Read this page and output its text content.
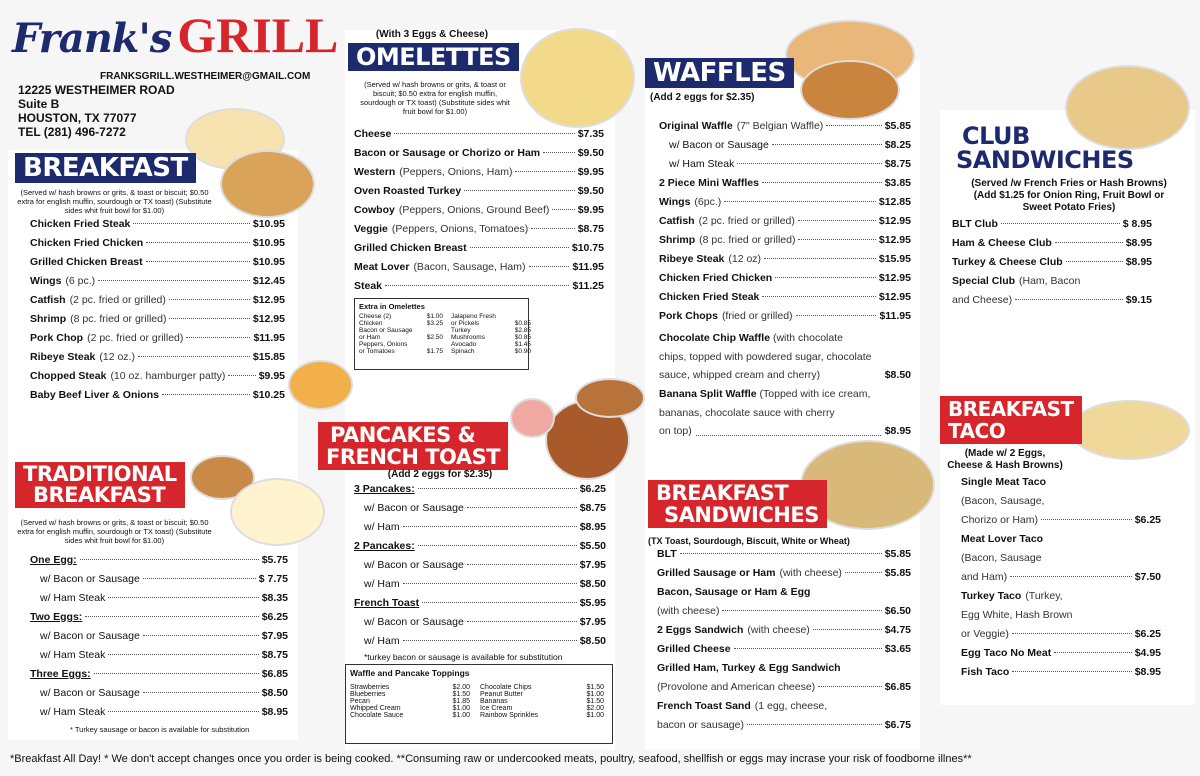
Frank's GRILL
FRANKSGRILL.WESTHEIMER@GMAIL.COM
12225 WESTHEIMER ROAD
Suite B
HOUSTON, TX 77077
TEL (281) 496-7272
BREAKFAST
(Served w/ hash browns or grits, & toast or biscuit; $0.50 extra for english muffin, sourdough or TX toast) (Substitute sides whit fruit bowl for $1.00)
Chicken Fried Steak	$10.95
Chicken Fried Chicken	$10.95
Grilled Chicken Breast	$10.95
Wings (6 pc.)	$12.45
Catfish (2 pc. fried or grilled)	$12.95
Shrimp (8 pc. fried or grilled)	$12.95
Pork Chop (2 pc. fried or grilled)	$11.95
Ribeye Steak (12 oz.)	$15.85
Chopped Steak (10 oz. hamburger patty)	$9.95
Baby Beef Liver & Onions	$10.25
TRADITIONAL
BREAKFAST
(Served w/ hash browns or grits, & toast or biscuit; $0.50 extra for english muffin, sourdough or TX toast) (Substitute sides whit fruit bowl for $1.00)
One Egg:	$5.75
w/ Bacon or Sausage	$ 7.75
w/ Ham Steak	$8.35
Two Eggs:	$6.25
w/ Bacon or Sausage	$7.95
w/ Ham Steak	$8.75
Three Eggs:	$6.85
w/ Bacon or Sausage	$8.50
w/ Ham Steak	$8.95
* Turkey sausage or bacon is available for substitution
(With 3 Eggs & Cheese)
OMELETTES
(Served w/ hash browns or grits, & toast or biscuit; $0.50 extra for english muffin, sourdough or TX toast) (Substitute sides whit fruit bowl for $1.00)
Cheese	$7.35
Bacon or Sausage or Chorizo or Ham	$9.50
Western (Peppers, Onions, Ham)	$9.95
Oven Roasted Turkey	$9.50
Cowboy (Peppers, Onions, Ground Beef)	$9.95
Veggie (Peppers, Onions, Tomatoes)	$8.75
Grilled Chicken Breast	$10.75
Meat Lover (Bacon, Sausage, Ham)	$11.95
Steak	$11.25
Extra in Omelettes
Cheese (2)	$1.00
Chicken	$3.25
Bacon or Sausage
or Ham	$2.50
Peppers, Onions
or Tomatoes	$1.75
Jalapeno Fresh
or Pickels	$0.85
Turkey	$2.85
Mushrooms	$0.85
Avocado	$1.45
Spinach	$0.90
PANCAKES &
FRENCH TOAST
(Add 2 eggs for $2.35)
3 Pancakes:	$6.25
w/ Bacon or Sausage	$8.75
w/ Ham	$8.95
2 Pancakes:	$5.50
w/ Bacon or Sausage	$7.95
w/ Ham	$8.50
French Toast	$5.95
w/ Bacon or Sausage	$7.95
w/ Ham	$8.50
*turkey bacon or sausage is available for substitution
Waffle and Pancake Toppings
Strawberries	$2.00
Blueberries	$1.50
Pecan	$1.85
Whipped Cream	$1.00
Chocolate Sauce	$1.00
Chocolate Chips	$1.50
Peanut Butter	$1.00
Bananas	$1.50
Ice Cream	$2.00
Rainbow Sprinkles	$1.00
WAFFLES
(Add 2 eggs for $2.35)
Original Waffle (7" Belgian Waffle)	$5.85
w/ Bacon or Sausage	$8.25
w/ Ham Steak	$8.75
2 Piece Mini Waffles	$3.85
Wings (6pc.)	$12.85
Catfish (2 pc. fried or grilled)	$12.95
Shrimp (8 pc. fried or grilled)	$12.95
Ribeye Steak (12 oz)	$15.95
Chicken Fried Chicken	$12.95
Chicken Fried Steak	$12.95
Pork Chops (fried or grilled)	$11.95
Chocolate Chip Waffle (with chocolate
chips, topped with powdered sugar, chocolate
sauce, whipped cream and cherry)	$8.50
Banana Split Waffle (Topped with ice cream,
bananas, chocolate sauce with cherry
on top)	$8.95
BREAKFAST
SANDWICHES
(TX Toast, Sourdough, Biscuit, White or Wheat)
BLT	$5.85
Grilled Sausage or Ham (with cheese)	$5.85
Bacon, Sausage or Ham & Egg
(with cheese)	$6.50
2 Eggs Sandwich (with cheese)	$4.75
Grilled Cheese	$3.65
Grilled Ham, Turkey & Egg Sandwich
(Provolone and American cheese)	$6.85
French Toast Sand (1 egg, cheese,
bacon or sausage)	$6.75
CLUB
SANDWICHES
(Served /w French Fries or Hash Browns)
(Add $1.25 for Onion Ring, Fruit Bowl or
Sweet Potato Fries)
BLT Club	$ 8.95
Ham & Cheese Club	$8.95
Turkey & Cheese Club	$8.95
Special Club (Ham, Bacon
and Cheese)	$9.15
BREAKFAST
TACO
(Made w/ 2 Eggs,
Cheese & Hash Browns)
Single Meat Taco
(Bacon, Sausage,
Chorizo or Ham)	$6.25
Meat Lover Taco
(Bacon, Sausage
and Ham)	$7.50
Turkey Taco (Turkey,
Egg White, Hash Brown
or Veggie)	$6.25
Egg Taco No Meat	$4.95
Fish Taco	$8.95
*Breakfast All Day! * We don't accept changes once you order is being cooked. **Consuming raw or undercooked meats, poultry, seafood, shellfish or eggs may incrase your risk of foodborne illnes**
